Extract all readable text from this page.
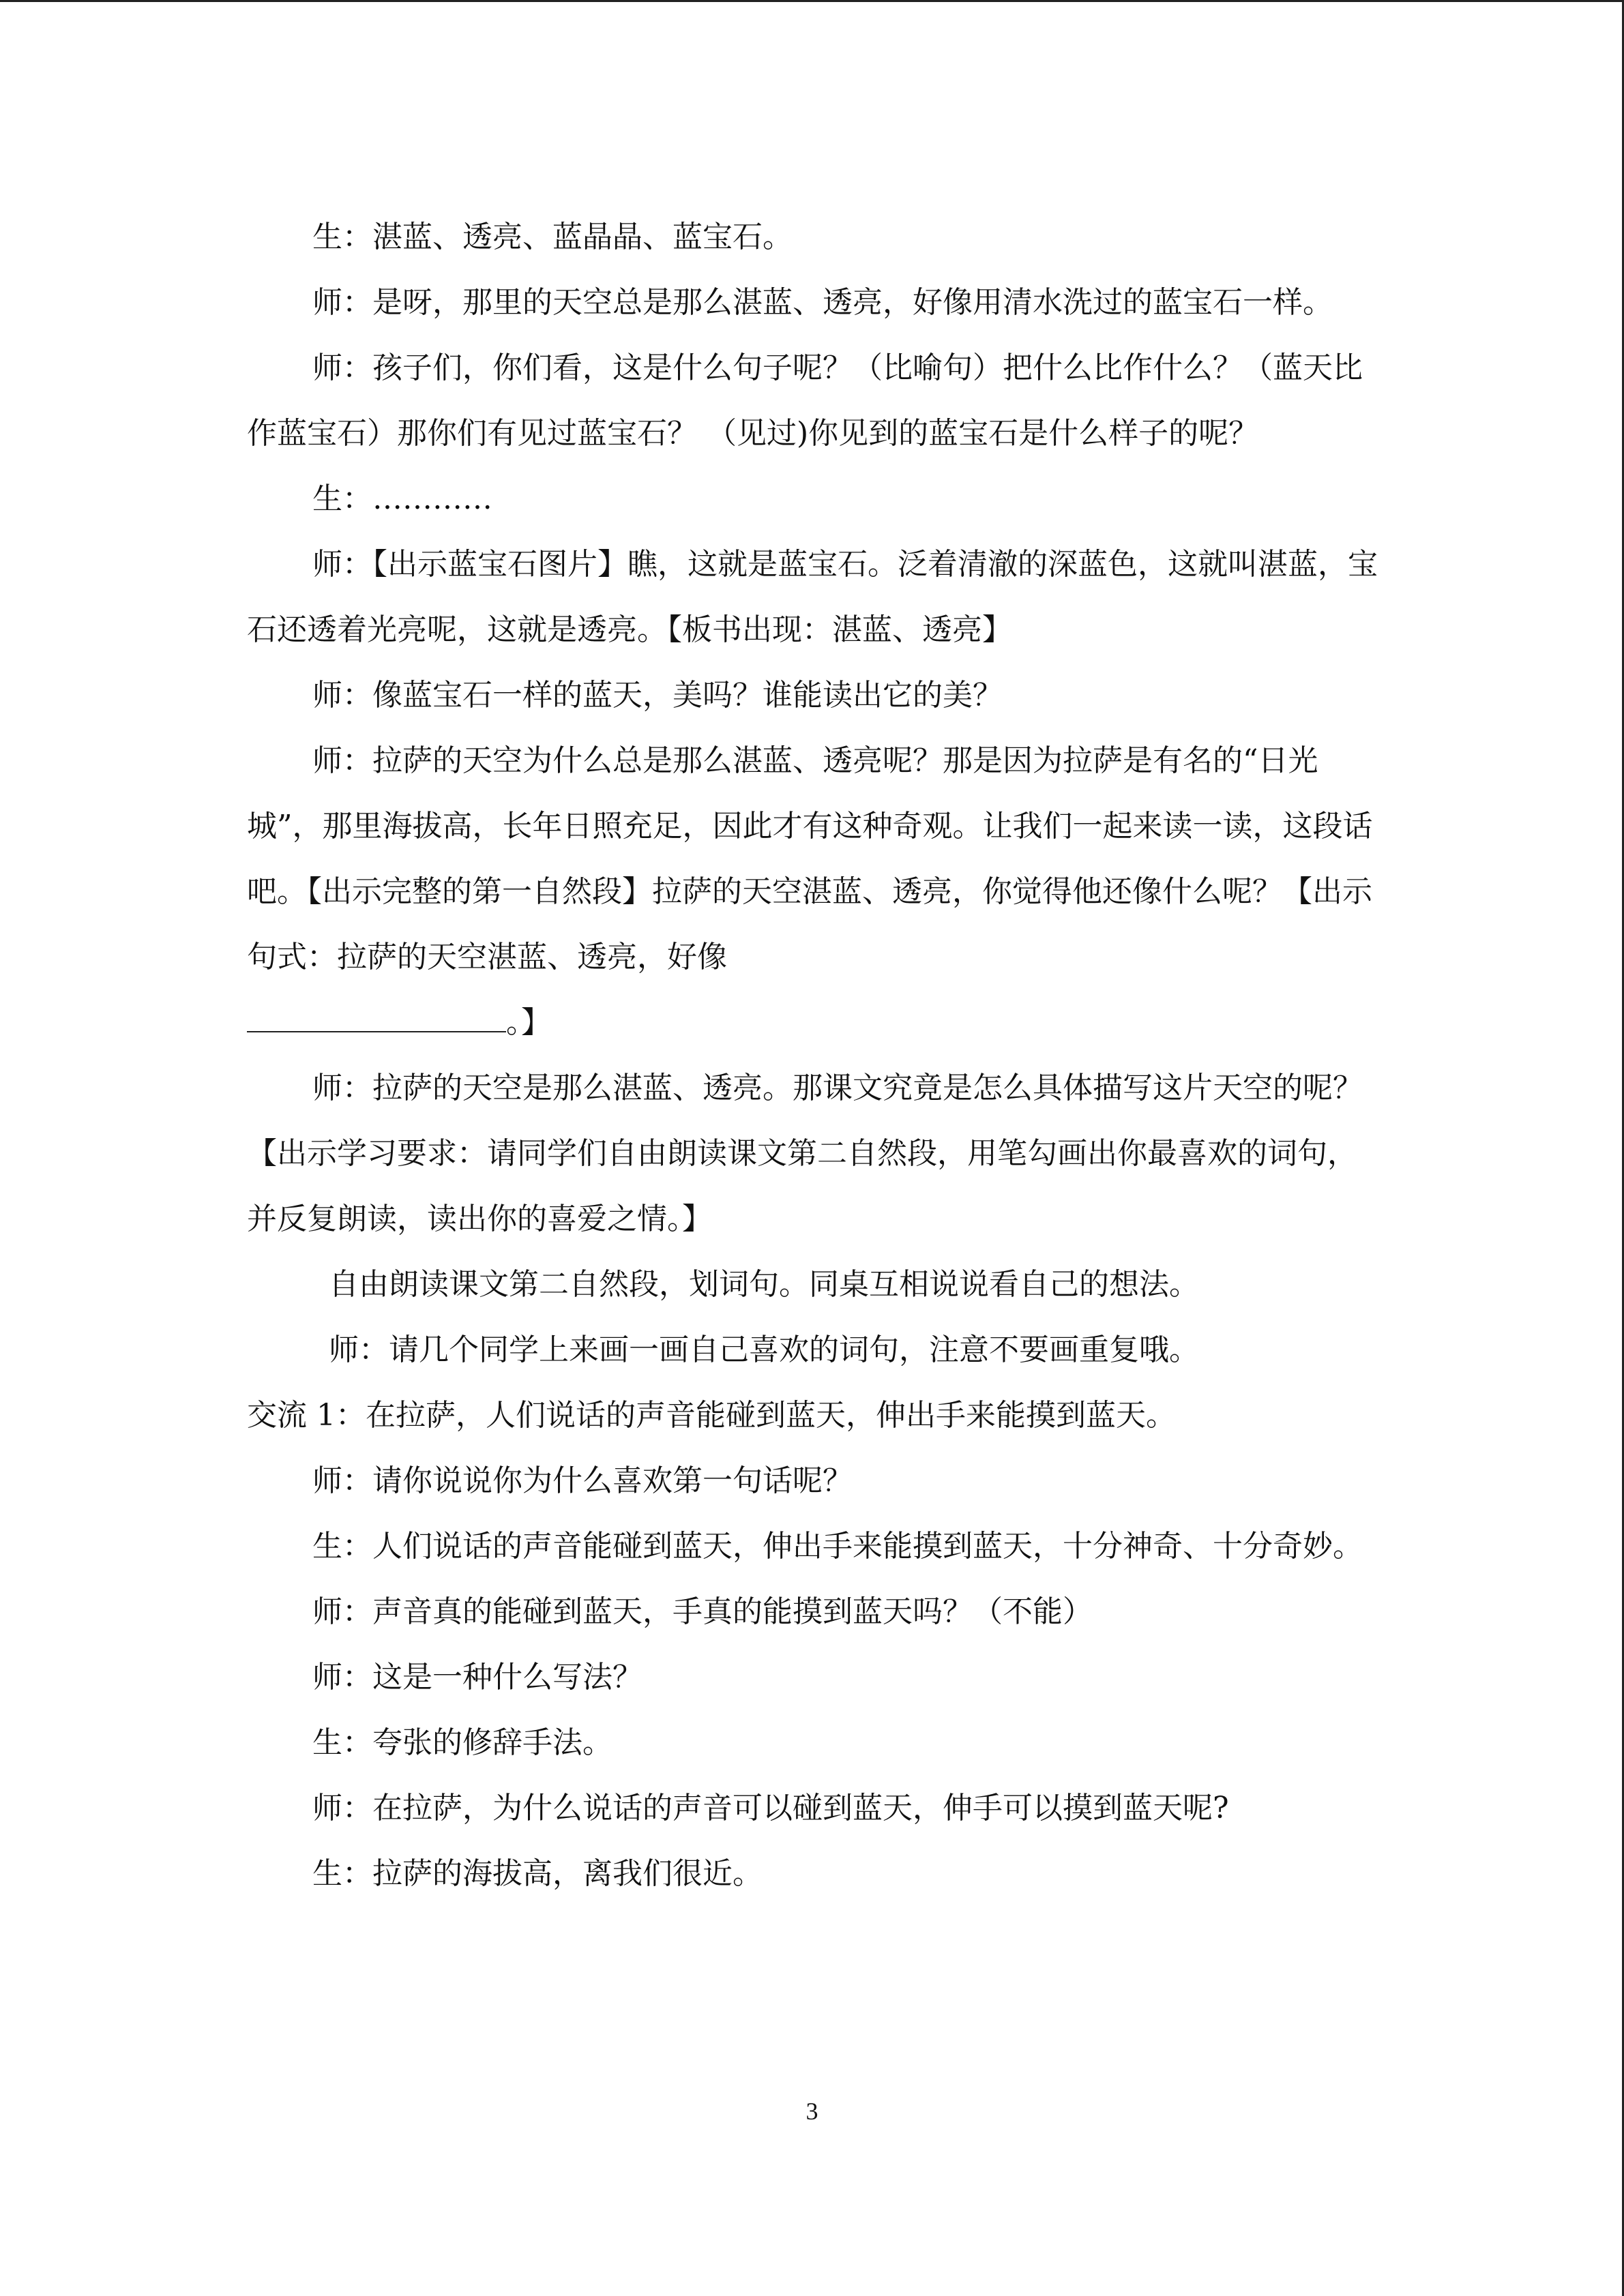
生：湛蓝、透亮、蓝晶晶、蓝宝石。

师：是呀，那里的天空总是那么湛蓝、透亮，好像用清水洗过的蓝宝石一样。

师：孩子们，你们看，这是什么句子呢？（比喻句）把什么比作什么？（蓝天比作蓝宝石）那你们有见过蓝宝石？ （见过)你见到的蓝宝石是什么样子的呢？

生：…………

师：【出示蓝宝石图片】瞧，这就是蓝宝石。泛着清澈的深蓝色，这就叫湛蓝，宝石还透着光亮呢，这就是透亮。【板书出现：湛蓝、透亮】

师：像蓝宝石一样的蓝天，美吗？谁能读出它的美？

师：拉萨的天空为什么总是那么湛蓝、透亮呢？那是因为拉萨是有名的“日光城”，那里海拔高，长年日照充足，因此才有这种奇观。让我们一起来读一读，这段话吧。【出示完整的第一自然段】拉萨的天空湛蓝、透亮，你觉得他还像什么呢？【出示句式：拉萨的天空湛蓝、透亮，好像

。】

师：拉萨的天空是那么湛蓝、透亮。那课文究竟是怎么具体描写这片天空的呢？【出示学习要求：请同学们自由朗读课文第二自然段，用笔勾画出你最喜欢的词句，并反复朗读，读出你的喜爱之情。】

自由朗读课文第二自然段，划词句。同桌互相说说看自己的想法。

师：请几个同学上来画一画自己喜欢的词句，注意不要画重复哦。

交流 1：在拉萨，人们说话的声音能碰到蓝天，伸出手来能摸到蓝天。

师：请你说说你为什么喜欢第一句话呢？

生：人们说话的声音能碰到蓝天，伸出手来能摸到蓝天，十分神奇、十分奇妙。

师：声音真的能碰到蓝天，手真的能摸到蓝天吗？（不能）

师：这是一种什么写法？

生：夸张的修辞手法。

师：在拉萨，为什么说话的声音可以碰到蓝天，伸手可以摸到蓝天呢?

生：拉萨的海拔高，离我们很近。

3
